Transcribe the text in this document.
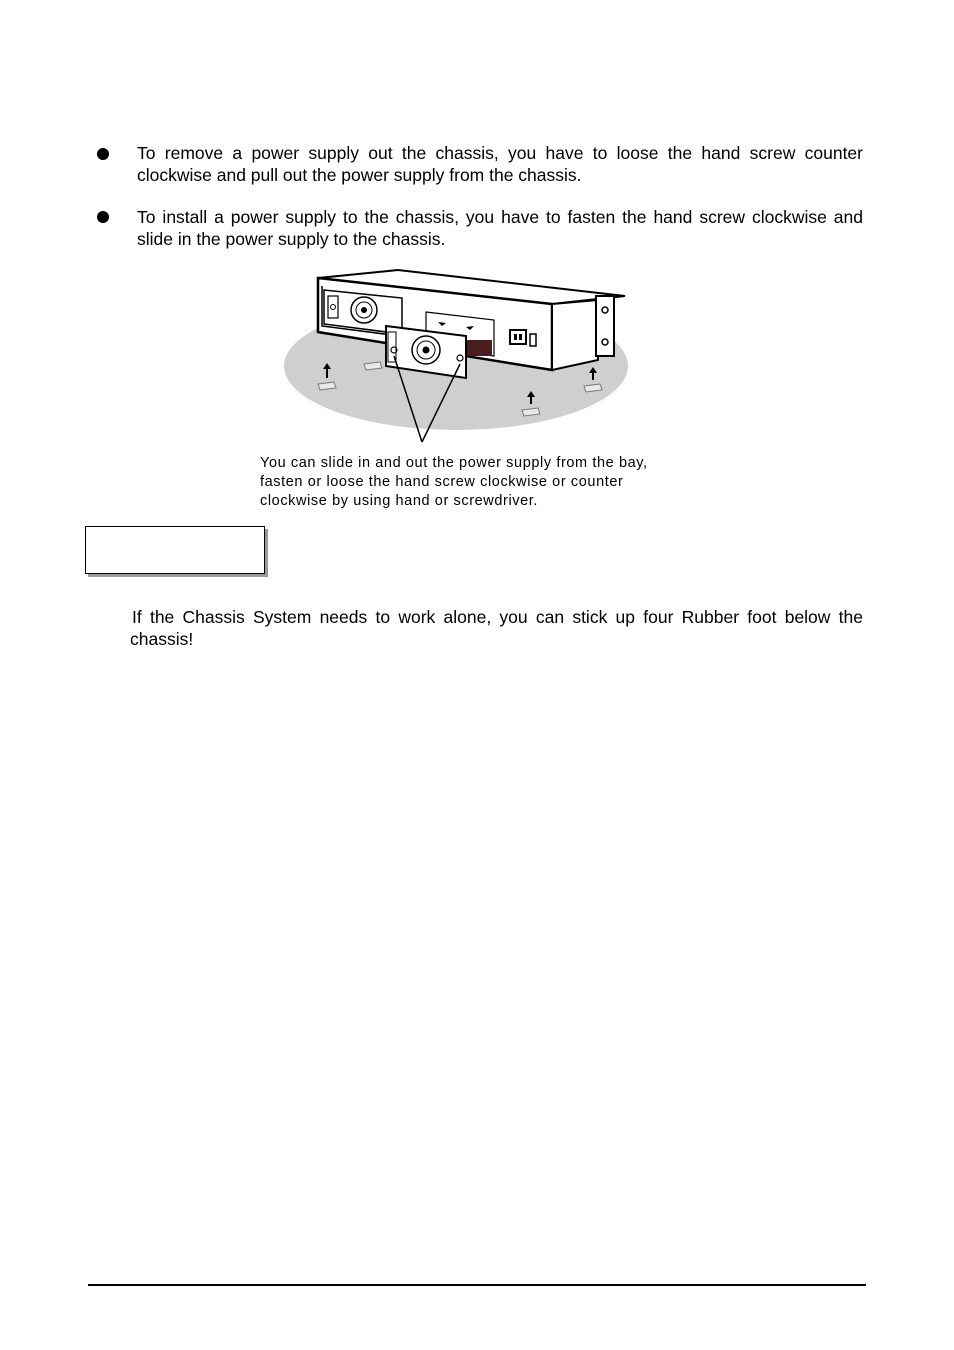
To remove a power supply out the chassis, you have to loose the hand screw counter clockwise and pull out the power supply from the chassis.

To install a power supply to the chassis, you have to fasten the hand screw clockwise and slide in the power supply to the chassis.

You can slide in and out the power supply from the bay,
fasten or loose the hand screw clockwise or counter
clockwise by using hand or screwdriver.

If the Chassis System needs to work alone, you can stick up four Rubber foot below the chassis!
